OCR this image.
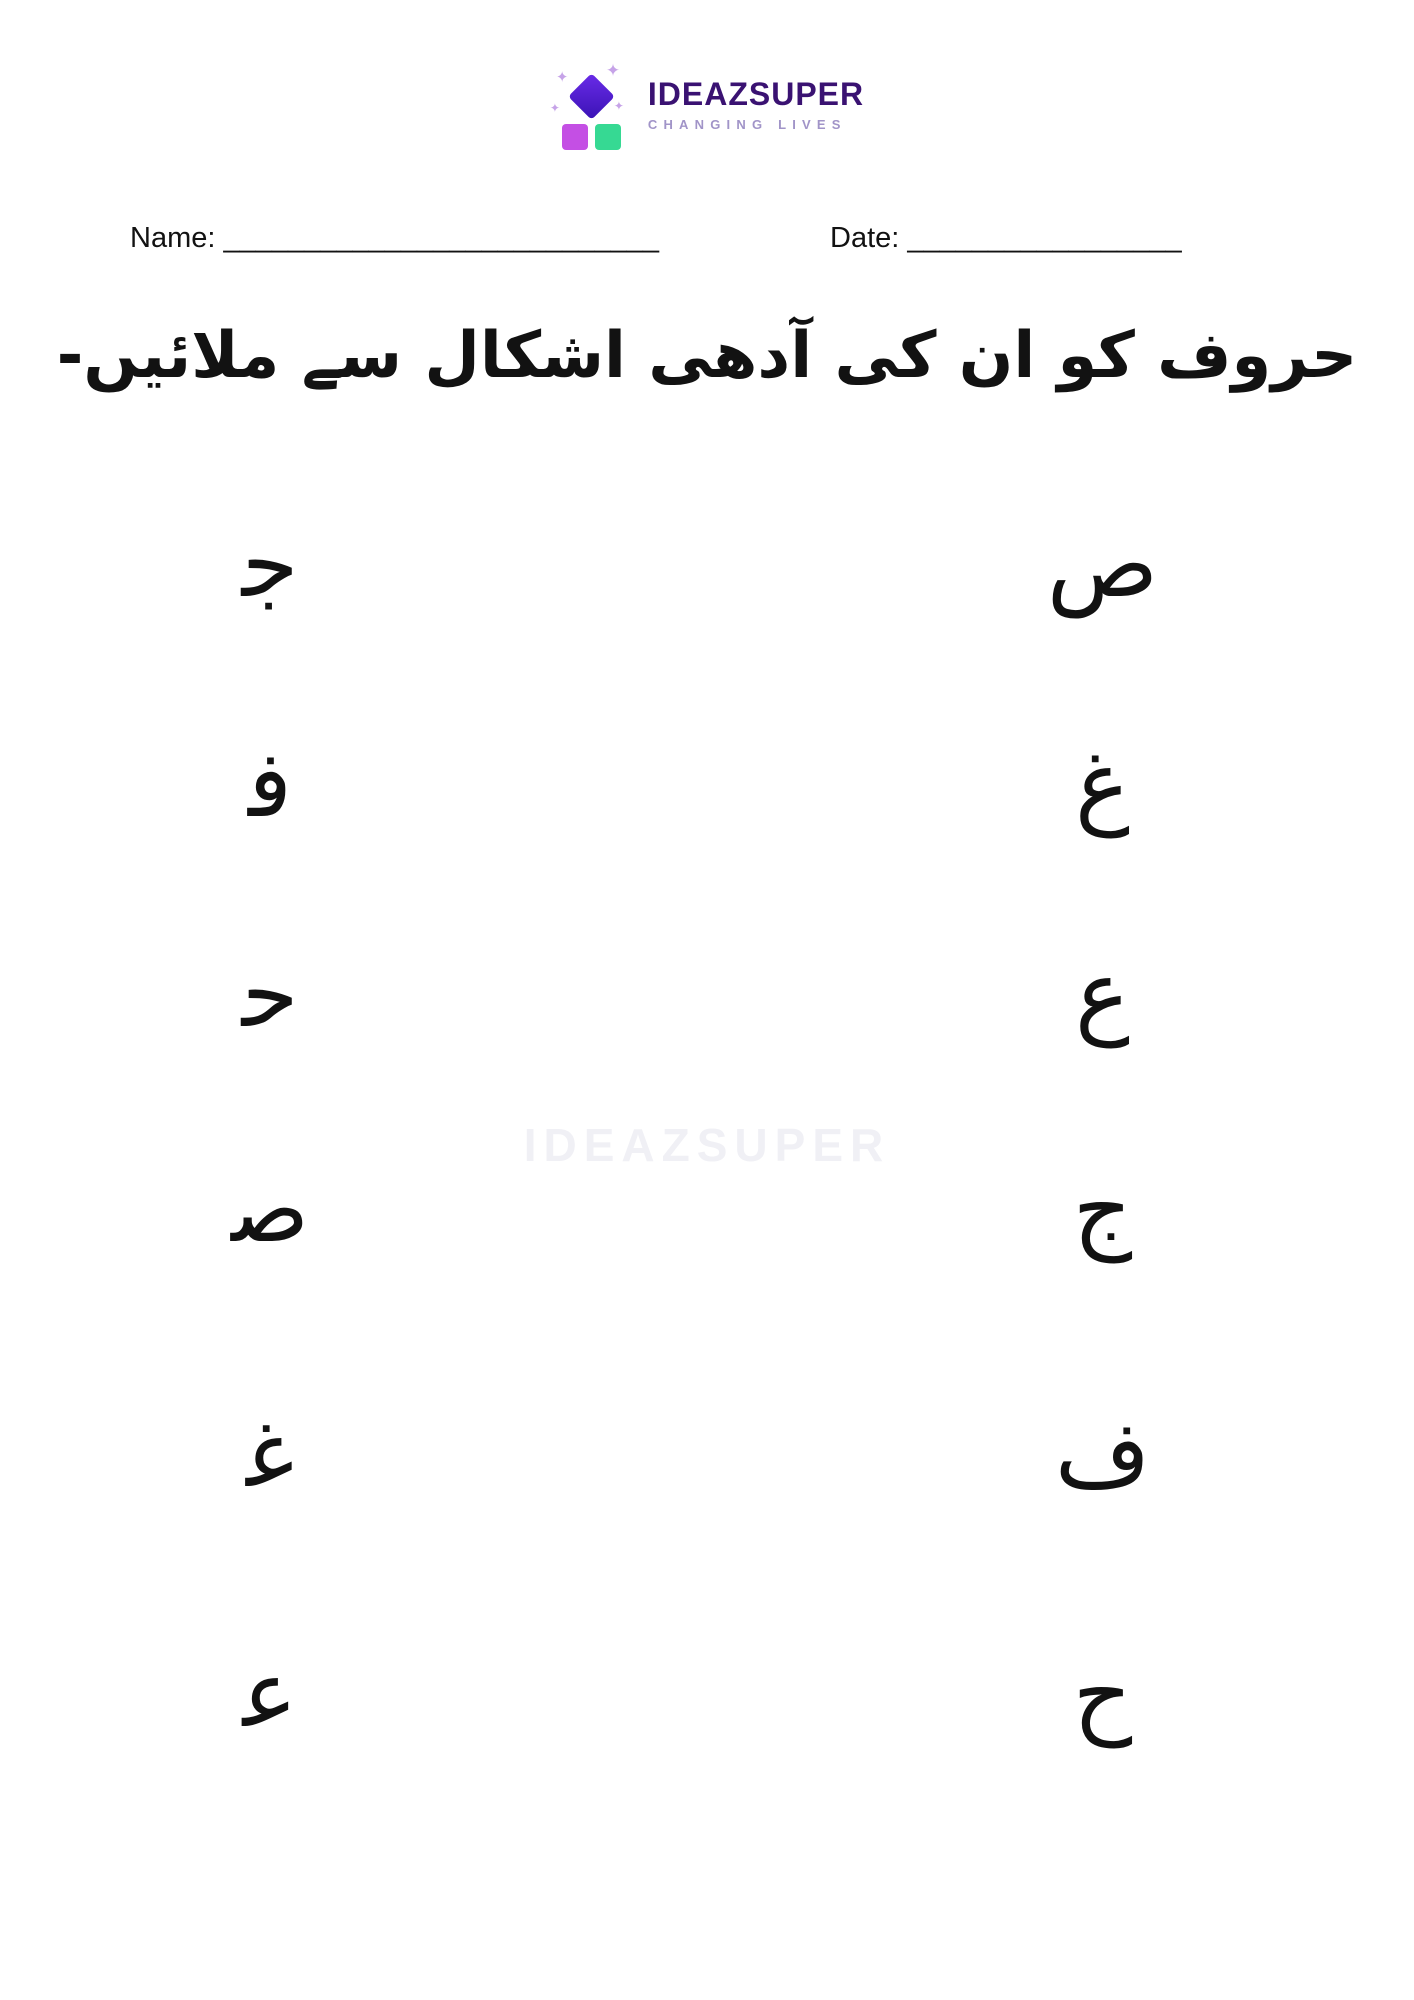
✦ ✦
✦	✦ IDEAZSUPER
CHANGING LIVES
Name: ___________________________	Date: _________________
حروف کو ان کی آدھی اشکال سے ملائیں-
IDEAZSUPER
ﺟ	ص
ﻓ	غ
ﺣ	ع
ﺻ	ج
ﻏ	ف
ﻋ	ح
